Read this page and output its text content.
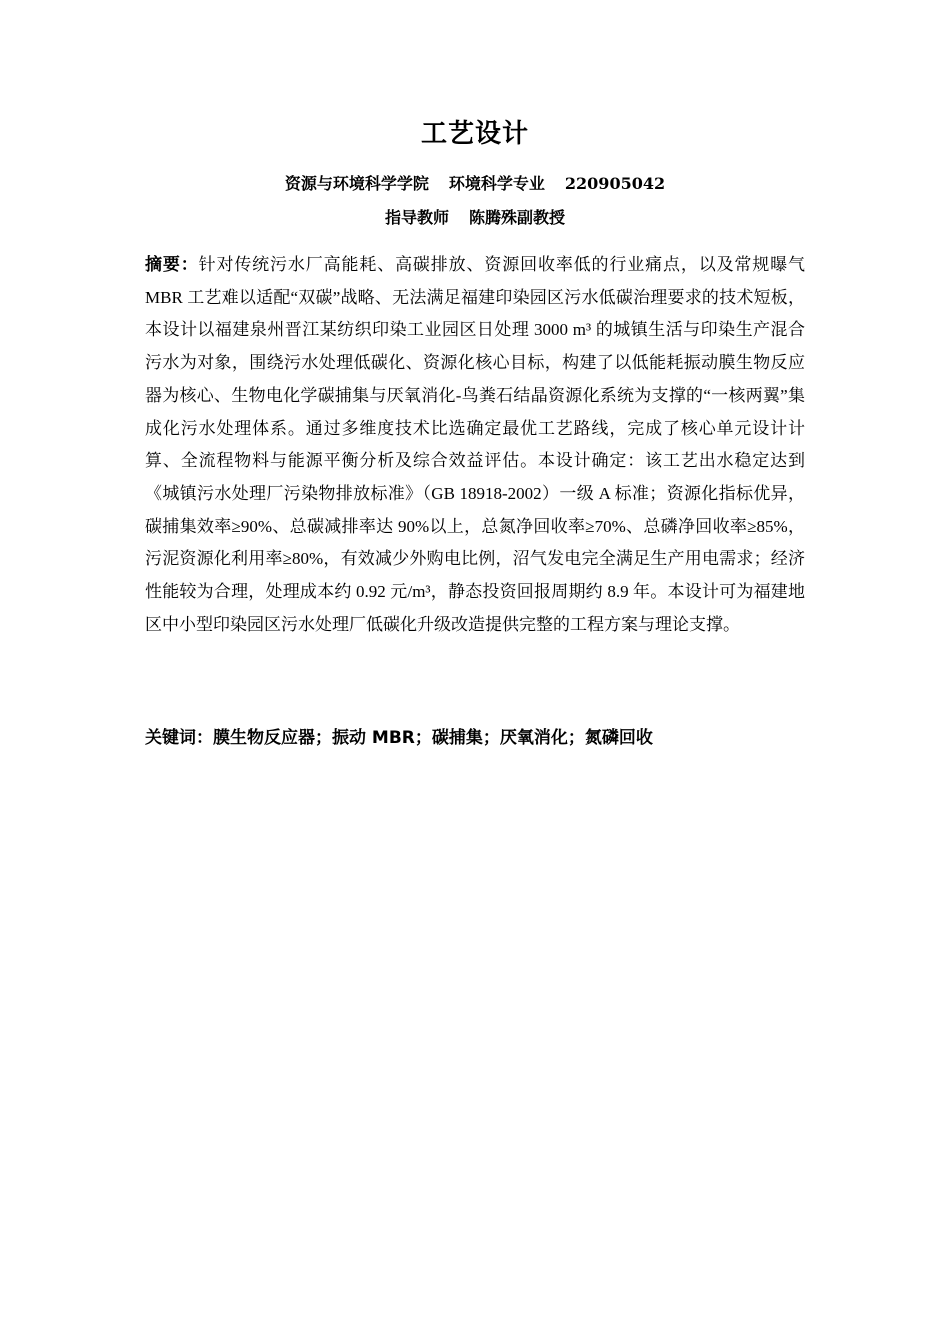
工艺设计
资源与环境科学学院 环境科学专业 220905042
指导教师 陈腾殊副教授

摘要：针对传统污水厂高能耗、高碳排放、资源回收率低的行业痛点，以及常规曝气 MBR 工艺难以适配“双碳”战略、无法满足福建印染园区污水低碳治理要求的技术短板，本设计以福建泉州晋江某纺织印染工业园区日处理 3000 m³ 的城镇生活与印染生产混合污水为对象，围绕污水处理低碳化、资源化核心目标，构建了以低能耗振动膜生物反应器为核心、生物电化学碳捕集与厌氧消化-鸟粪石结晶资源化系统为支撑的“一核两翼”集成化污水处理体系。通过多维度技术比选确定最优工艺路线，完成了核心单元设计计算、全流程物料与能源平衡分析及综合效益评估。本设计确定：该工艺出水稳定达到《城镇污水处理厂污染物排放标准》（GB 18918-2002）一级 A 标准；资源化指标优异，碳捕集效率≥90%、总碳减排率达 90%以上，总氮净回收率≥70%、总磷净回收率≥85%，污泥资源化利用率≥80%，有效减少外购电比例，沼气发电完全满足生产用电需求；经济性能较为合理，处理成本约 0.92 元/m³，静态投资回报周期约 8.9 年。本设计可为福建地区中小型印染园区污水处理厂低碳化升级改造提供完整的工程方案与理论支撑。

关键词：膜生物反应器；振动 MBR；碳捕集；厌氧消化；氮磷回收
